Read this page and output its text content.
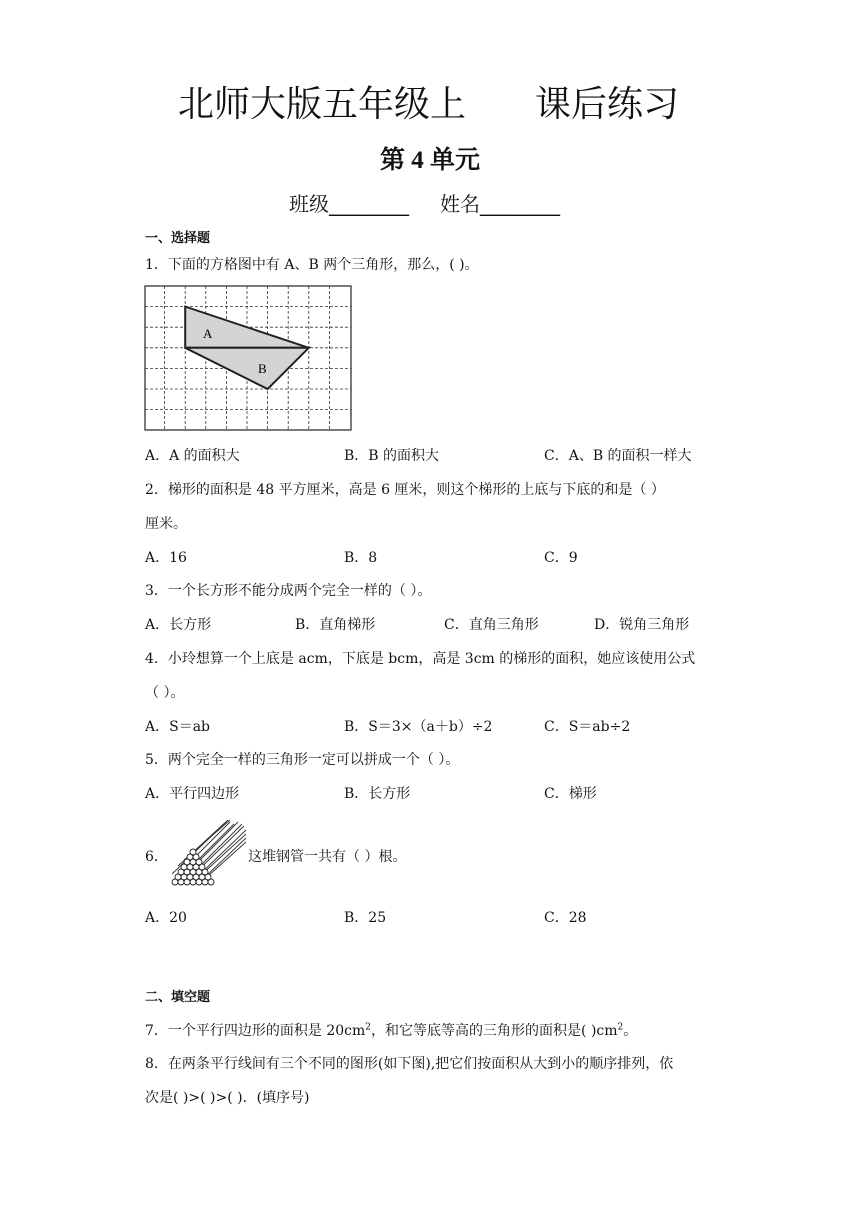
北师大版五年级上 课后练习
第 4 单元
班级________ 姓名________
一、选择题
1．下面的方格图中有 A、B 两个三角形，那么，( )。
A
B
A．A 的面积大	B．B 的面积大	C．A、B 的面积一样大
2．梯形的面积是 48 平方厘米，高是 6 厘米，则这个梯形的上底与下底的和是（ ）
厘米。
A．16	B．8	C．9
3．一个长方形不能分成两个完全一样的（ ）。
A．长方形	B．直角梯形	C．直角三角形	D．锐角三角形
4．小玲想算一个上底是 acm，下底是 bcm，高是 3cm 的梯形的面积，她应该使用公式
（ ）。
A．S＝ab	B．S＝3×（a＋b）÷2	C．S＝ab÷2
5．两个完全一样的三角形一定可以拼成一个（ ）。
A．平行四边形	B．长方形	C．梯形
6．	这堆钢管一共有（ ）根。
A．20	B．25	C．28
二、填空题
7．一个平行四边形的面积是 $20cm^2$，和它等底等高的三角形的面积是( )$cm^2$。
8．在两条平行线间有三个不同的图形(如下图),把它们按面积从大到小的顺序排列，依
次是( )>( )>( )．(填序号)
